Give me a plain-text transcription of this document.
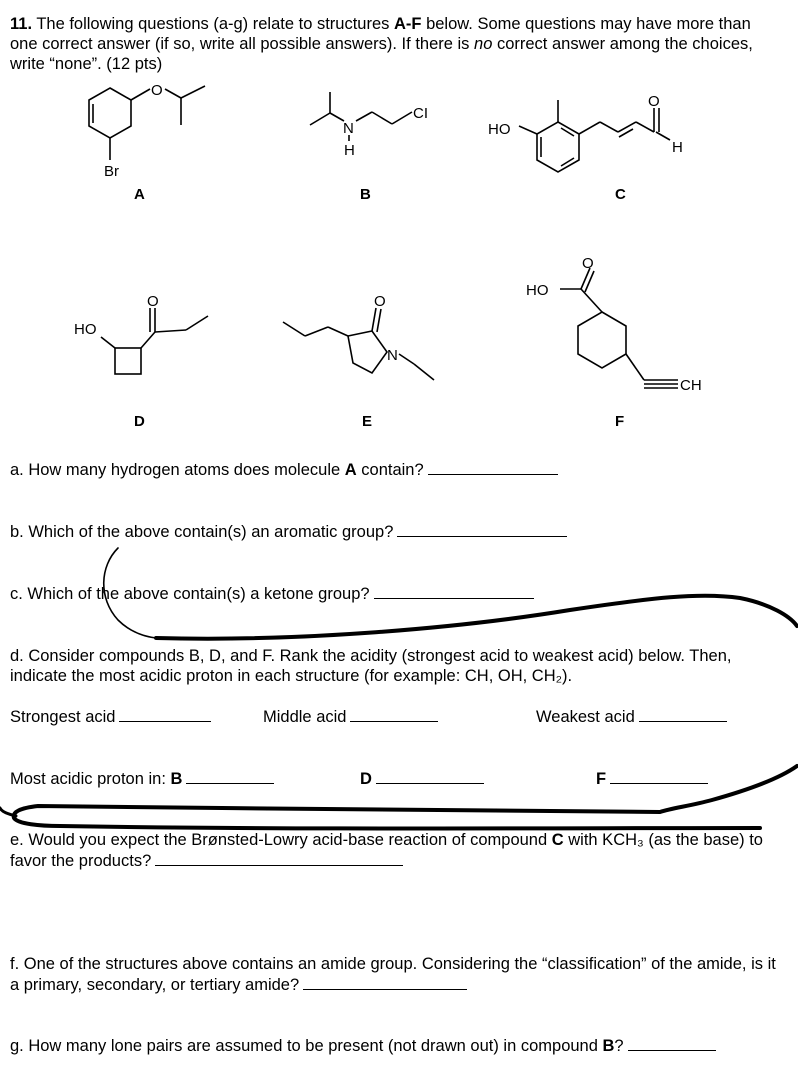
11. The following questions (a-g) relate to structures A-F below. Some questions may have more than one correct answer (if so, write all possible answers). If there is no correct answer among the choices, write “none”. (12 pts)
O
Br
N
H
CI
HO
O
H
HO
O	O
N
HO
O
CH
A	B	C
D	E	F
a. How many hydrogen atoms does molecule A contain?
b. Which of the above contain(s) an aromatic group?
c. Which of the above contain(s) a ketone group?
d. Consider compounds B, D, and F. Rank the acidity (strongest acid to weakest acid) below. Then, indicate the most acidic proton in each structure (for example: CH, OH, CH₂).
Strongest acid	Middle acid	Weakest acid
Most acidic proton in: B	D	F
e. Would you expect the Brønsted-Lowry acid-base reaction of compound C with KCH₃ (as the base) to favor the products?
f. One of the structures above contains an amide group. Considering the “classification” of the amide, is it a primary, secondary, or tertiary amide?
g. How many lone pairs are assumed to be present (not drawn out) in compound B?
